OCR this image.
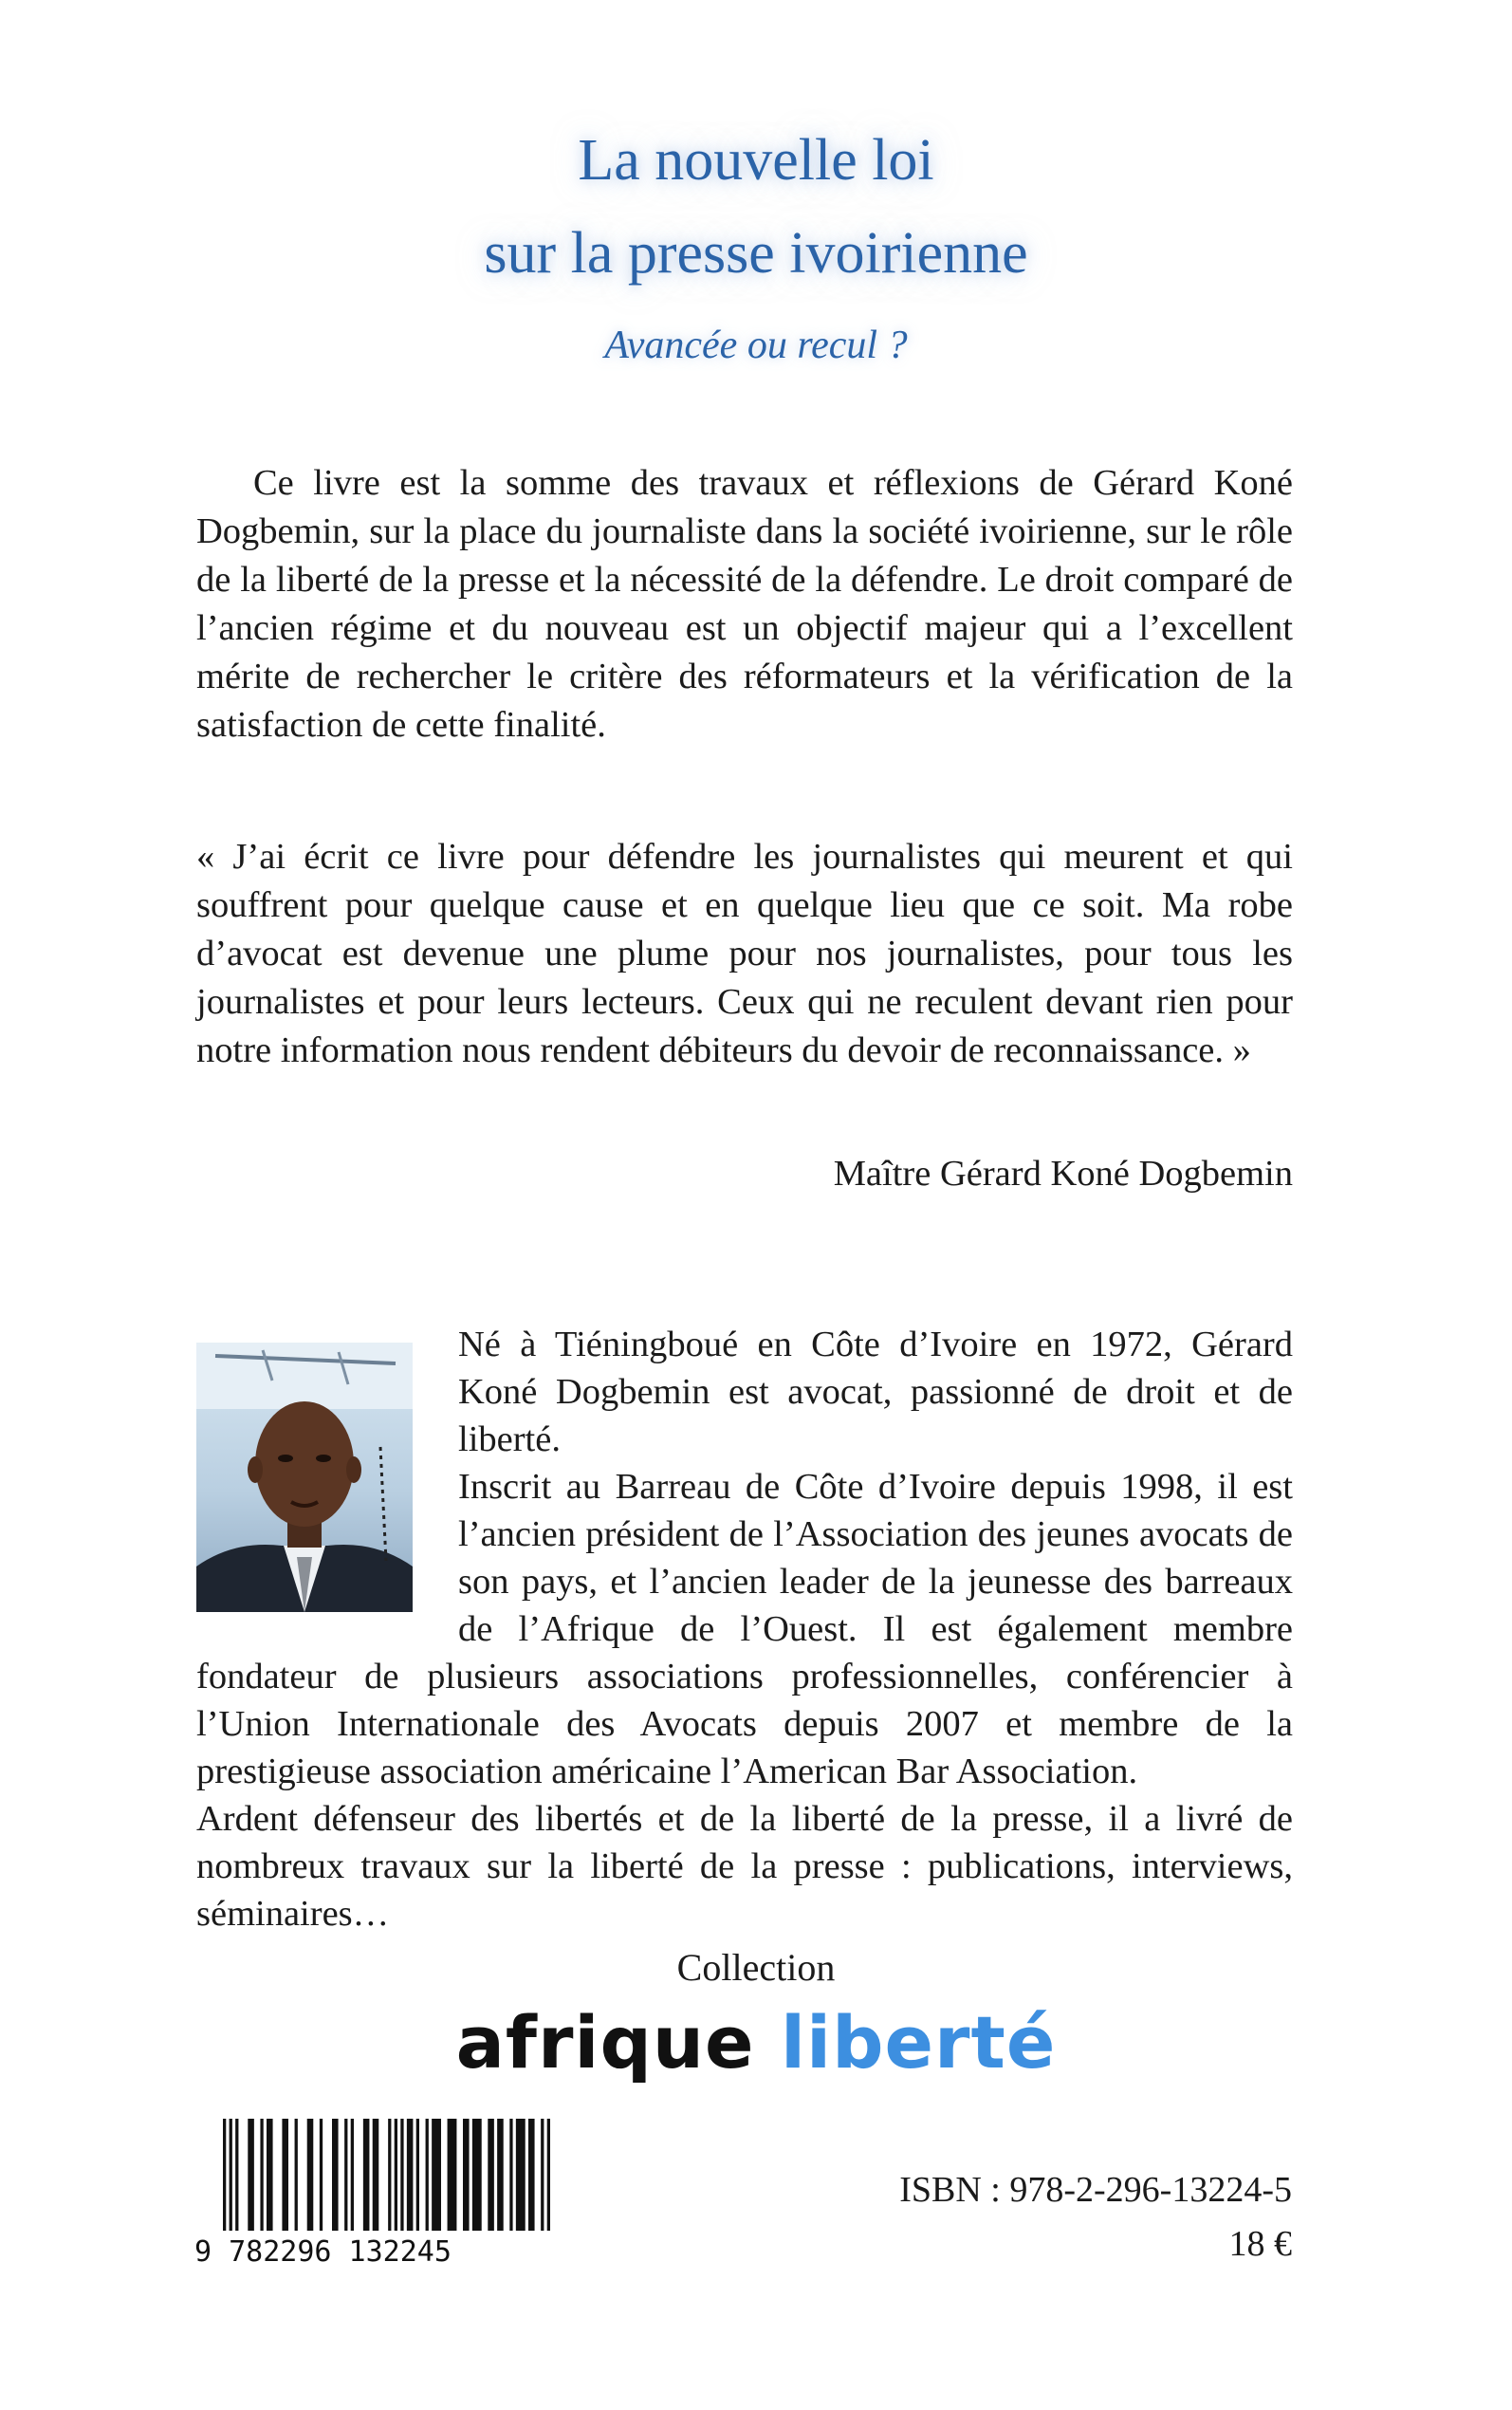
La nouvelle loi
sur la presse ivoirienne
Avancée ou recul ?

Ce livre est la somme des travaux et réflexions de Gérard Koné Dogbemin, sur la place du journaliste dans la société ivoirienne, sur le rôle de la liberté de la presse et la nécessité de la défendre. Le droit comparé de l’ancien régime et du nouveau est un objectif majeur qui a l’excellent mérite de rechercher le critère des réformateurs et la vérification de la satisfaction de cette finalité.

« J’ai écrit ce livre pour défendre les journalistes qui meurent et qui souffrent pour quelque cause et en quelque lieu que ce soit. Ma robe d’avocat est devenue une plume pour nos journalistes, pour tous les journalistes et pour leurs lecteurs. Ceux qui ne reculent devant rien pour notre information nous rendent débiteurs du devoir de reconnaissance. »

Maître Gérard Koné Dogbemin

Né à Tiéningboué en Côte d’Ivoire en 1972, Gérard Koné Dogbemin est avocat, passionné de droit et de liberté.

Inscrit au Barreau de Côte d’Ivoire depuis 1998, il est l’ancien président de l’Association des jeunes avocats de son pays, et l’ancien leader de la jeunesse des barreaux de l’Afrique de l’Ouest. Il est également membre fondateur de plusieurs associations professionnelles, conférencier à l’Union Internationale des Avocats depuis 2007 et membre de la prestigieuse association américaine l’American Bar Association.

Ardent défenseur des libertés et de la liberté de la presse, il a livré de nombreux travaux sur la liberté de la presse : publications, interviews, séminaires…

Collection
afrique liberté
9 782296 132245
ISBN : 978-2-296-13224-5
18 €
